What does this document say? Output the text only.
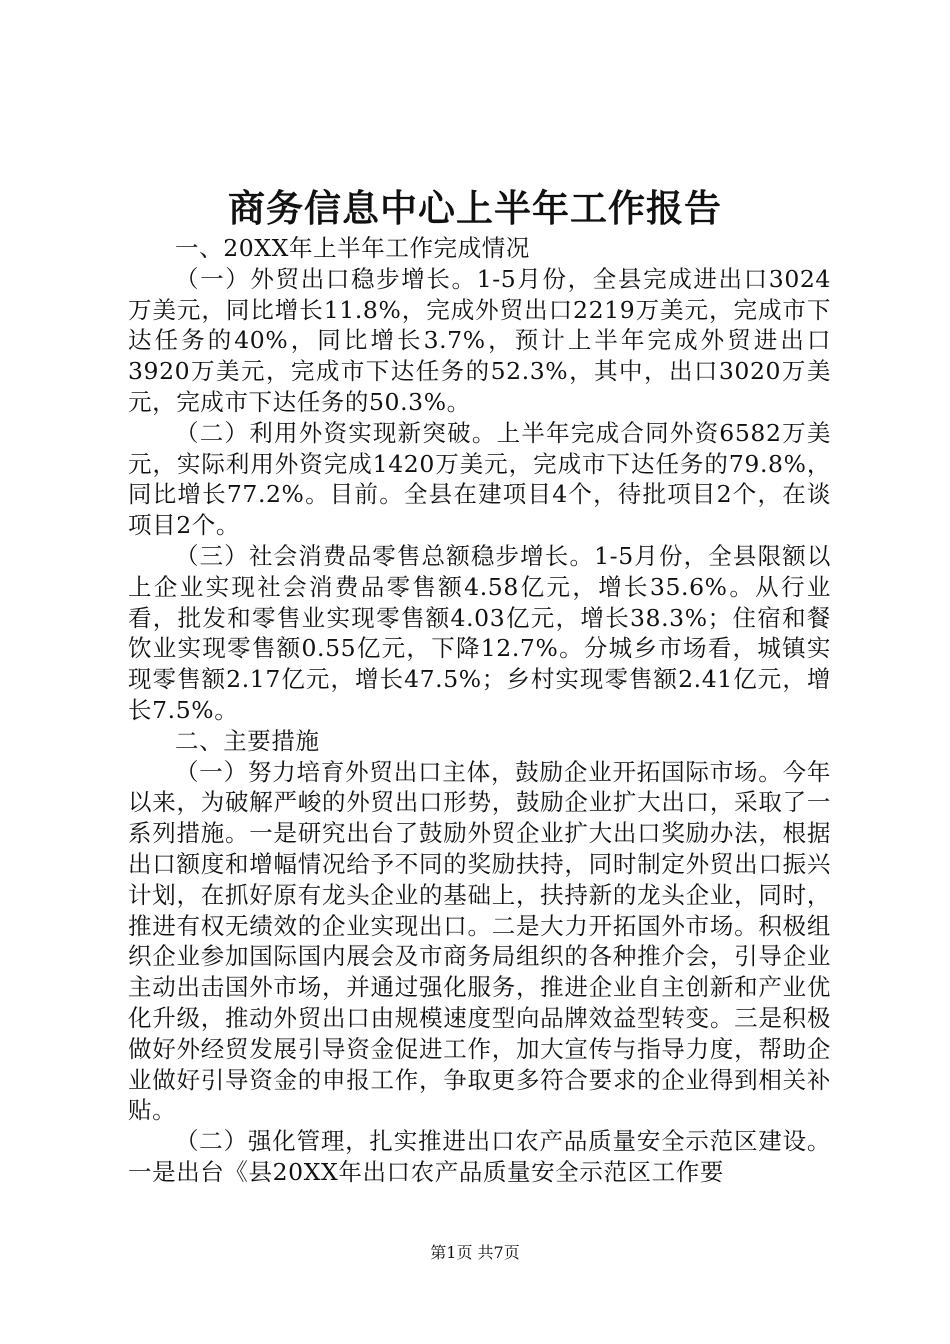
商务信息中心上半年工作报告

一、20XX年上半年工作完成情况

（一）外贸出口稳步增长。1-5月份，全县完成进出口3024万美元，同比增长11.8%，完成外贸出口2219万美元，完成市下达任务的40%，同比增长3.7%，预计上半年完成外贸进出口3920万美元，完成市下达任务的52.3%，其中，出口3020万美元，完成市下达任务的50.3%。

（二）利用外资实现新突破。上半年完成合同外资6582万美元，实际利用外资完成1420万美元，完成市下达任务的79.8%，同比增长77.2%。目前。全县在建项目4个，待批项目2个，在谈项目2个。

（三）社会消费品零售总额稳步增长。1-5月份，全县限额以上企业实现社会消费品零售额4.58亿元，增长35.6%。从行业看，批发和零售业实现零售额4.03亿元，增长38.3%；住宿和餐饮业实现零售额0.55亿元，下降12.7%。分城乡市场看，城镇实现零售额2.17亿元，增长47.5%；乡村实现零售额2.41亿元，增长7.5%。

二、主要措施

（一）努力培育外贸出口主体，鼓励企业开拓国际市场。今年以来，为破解严峻的外贸出口形势，鼓励企业扩大出口，采取了一系列措施。一是研究出台了鼓励外贸企业扩大出口奖励办法，根据出口额度和增幅情况给予不同的奖励扶持，同时制定外贸出口振兴计划，在抓好原有龙头企业的基础上，扶持新的龙头企业，同时，推进有权无绩效的企业实现出口。二是大力开拓国外市场。积极组织企业参加国际国内展会及市商务局组织的各种推介会，引导企业主动出击国外市场，并通过强化服务，推进企业自主创新和产业优化升级，推动外贸出口由规模速度型向品牌效益型转变。三是积极做好外经贸发展引导资金促进工作，加大宣传与指导力度，帮助企业做好引导资金的申报工作，争取更多符合要求的企业得到相关补贴。

（二）强化管理，扎实推进出口农产品质量安全示范区建设。一是出台《县20XX年出口农产品质量安全示范区工作要

第1页 共7页
